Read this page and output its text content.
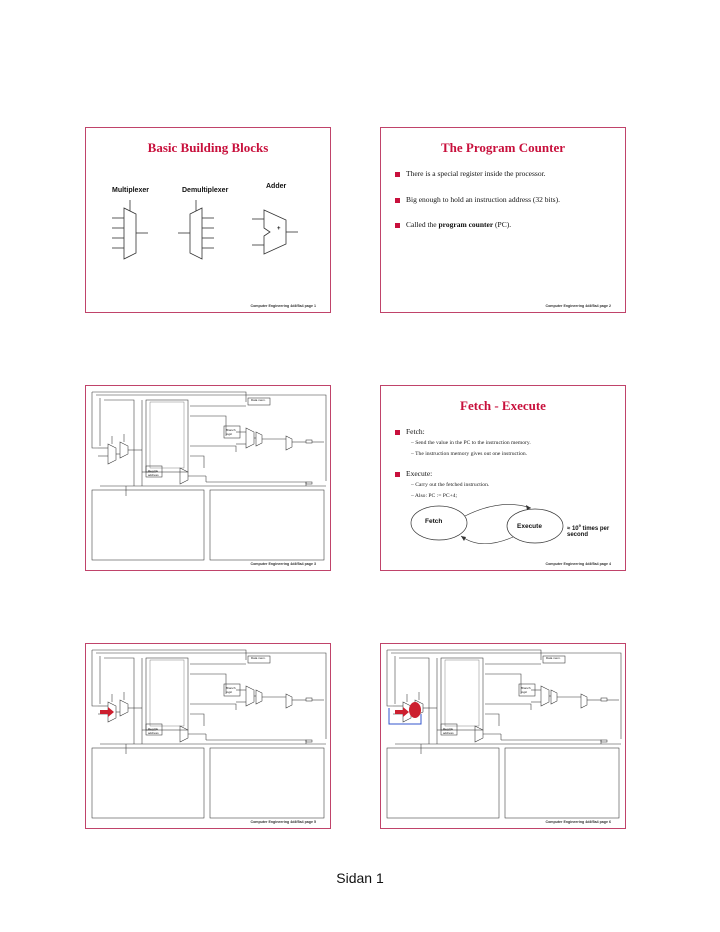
Basic Building Blocks
Multiplexer	Demultiplexer
Adder
+
Computer Engineering 4d4f5a4 page 1
The Program Counter
There is a special register inside the processor.
Big enough to hold an instruction address (32 bits).
Called the program counter (PC).
Computer Engineering 4d4f5a4 page 2
Data mem.
Branch
logic
Reg.file
address
Computer Engineering 4d4f5a4 page 3
Fetch - Execute
Fetch:
– Send the value in the PC to the instruction memory.
– The instruction memory gives out one instruction.
Execute:
– Carry out the fetched instruction.
– Also: PC := PC+4;
Fetch
Execute	≈ $10^9$ times per second
Computer Engineering 4d4f5a4 page 4
Data mem.
Branch
logic
Reg.file
address
Computer Engineering 4d4f5a4 page 5
Data mem.
Branch
logic
Reg.file
address
Computer Engineering 4d4f5a4 page 6
Sidan 1
